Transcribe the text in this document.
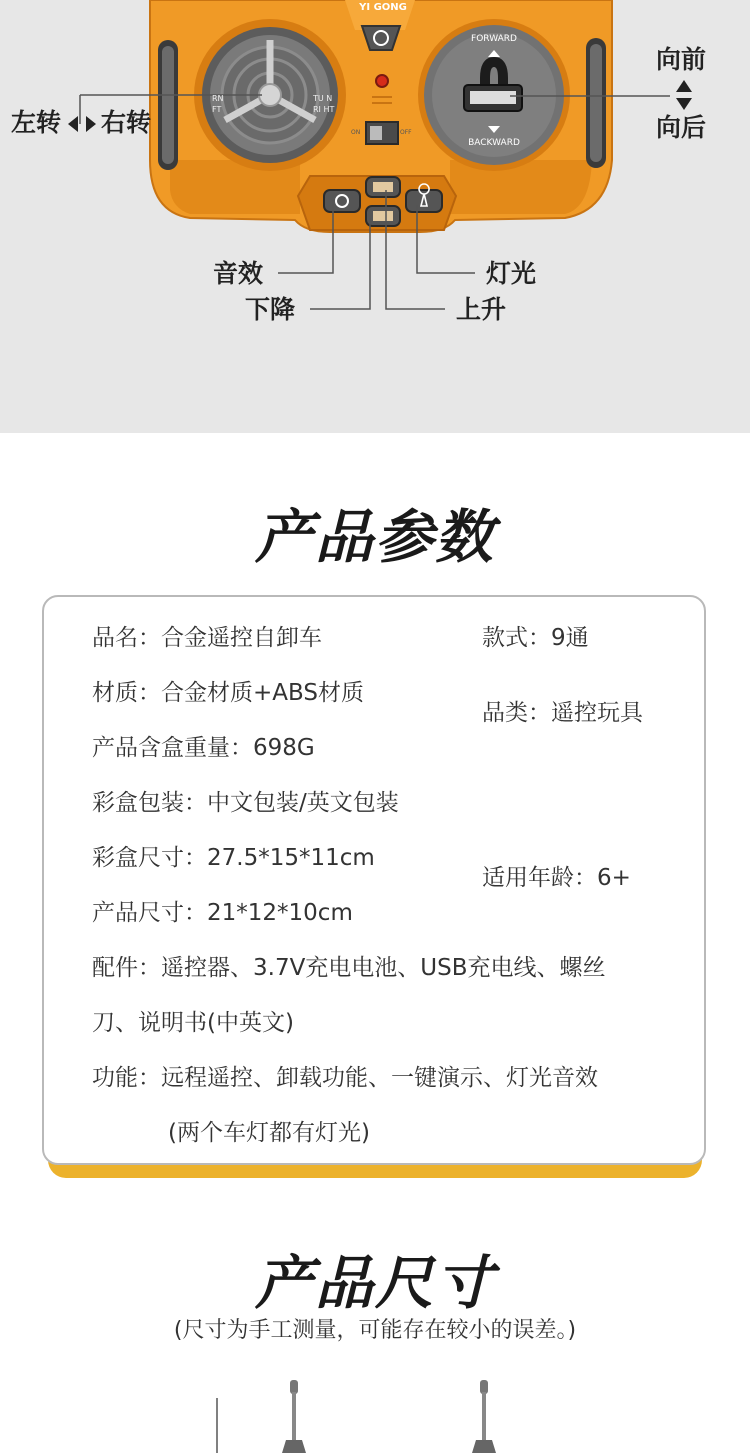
YI GONG
RN
FT
TU N
RI HT
FORWARD
BACKWARD
ON	OFF
左转 右转
向前
向后
音效
下降
灯光
上升
产品参数
品名：合金遥控自卸车	款式：9通
材质：合金材质+ABS材质
品类：遥控玩具
产品含盒重量：698G
彩盒包装：中文包装/英文包装
彩盒尺寸：27.5*15*11cm
适用年龄：6+
产品尺寸：21*12*10cm
配件：遥控器、3.7V充电电池、USB充电线、螺丝
刀、说明书(中英文)
功能：远程遥控、卸载功能、一键演示、灯光音效
(两个车灯都有灯光)
产品尺寸
(尺寸为手工测量，可能存在较小的误差。)
